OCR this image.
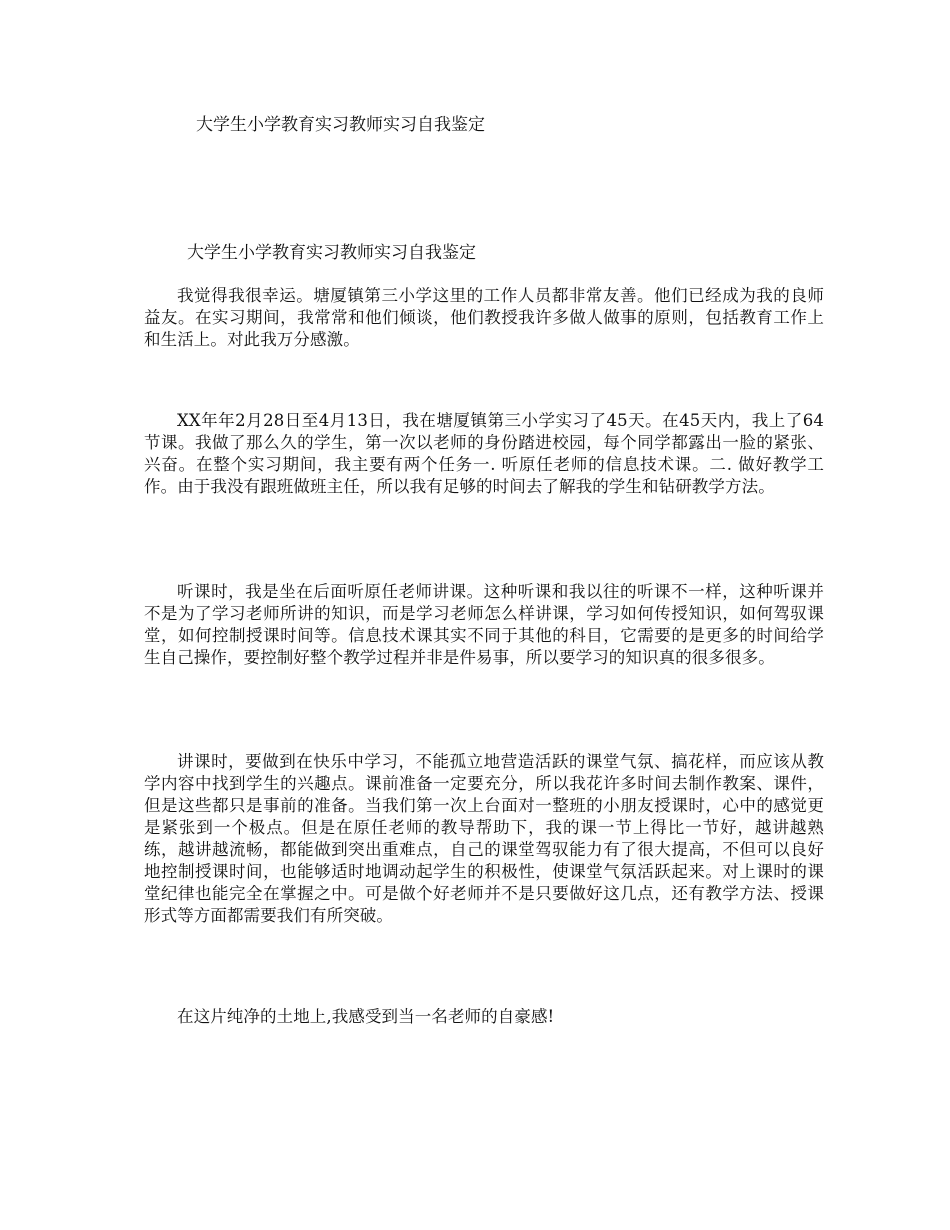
大学生小学教育实习教师实习自我鉴定
大学生小学教育实习教师实习自我鉴定

我觉得我很幸运。塘厦镇第三小学这里的工作人员都非常友善。他们已经成为我的良师益友。在实习期间，我常常和他们倾谈，他们教授我许多做人做事的原则，包括教育工作上和生活上。对此我万分感激。

XX年年2月28日至4月13日，我在塘厦镇第三小学实习了45天。在45天内，我上了64节课。我做了那么久的学生，第一次以老师的身份踏进校园，每个同学都露出一脸的紧张、兴奋。在整个实习期间，我主要有两个任务一. 听原任老师的信息技术课。二. 做好教学工作。由于我没有跟班做班主任，所以我有足够的时间去了解我的学生和钻研教学方法。

听课时，我是坐在后面听原任老师讲课。这种听课和我以往的听课不一样，这种听课并不是为了学习老师所讲的知识，而是学习老师怎么样讲课，学习如何传授知识，如何驾驭课堂，如何控制授课时间等。信息技术课其实不同于其他的科目，它需要的是更多的时间给学生自己操作，要控制好整个教学过程并非是件易事，所以要学习的知识真的很多很多。

讲课时，要做到在快乐中学习，不能孤立地营造活跃的课堂气氛、搞花样，而应该从教学内容中找到学生的兴趣点。课前准备一定要充分，所以我花许多时间去制作教案、课件，但是这些都只是事前的准备。当我们第一次上台面对一整班的小朋友授课时，心中的感觉更是紧张到一个极点。但是在原任老师的教导帮助下，我的课一节上得比一节好，越讲越熟练，越讲越流畅，都能做到突出重难点，自己的课堂驾驭能力有了很大提高，不但可以良好地控制授课时间，也能够适时地调动起学生的积极性，使课堂气氛活跃起来。对上课时的课堂纪律也能完全在掌握之中。可是做个好老师并不是只要做好这几点，还有教学方法、授课形式等方面都需要我们有所突破。

在这片纯净的土地上,我感受到当一名老师的自豪感!
